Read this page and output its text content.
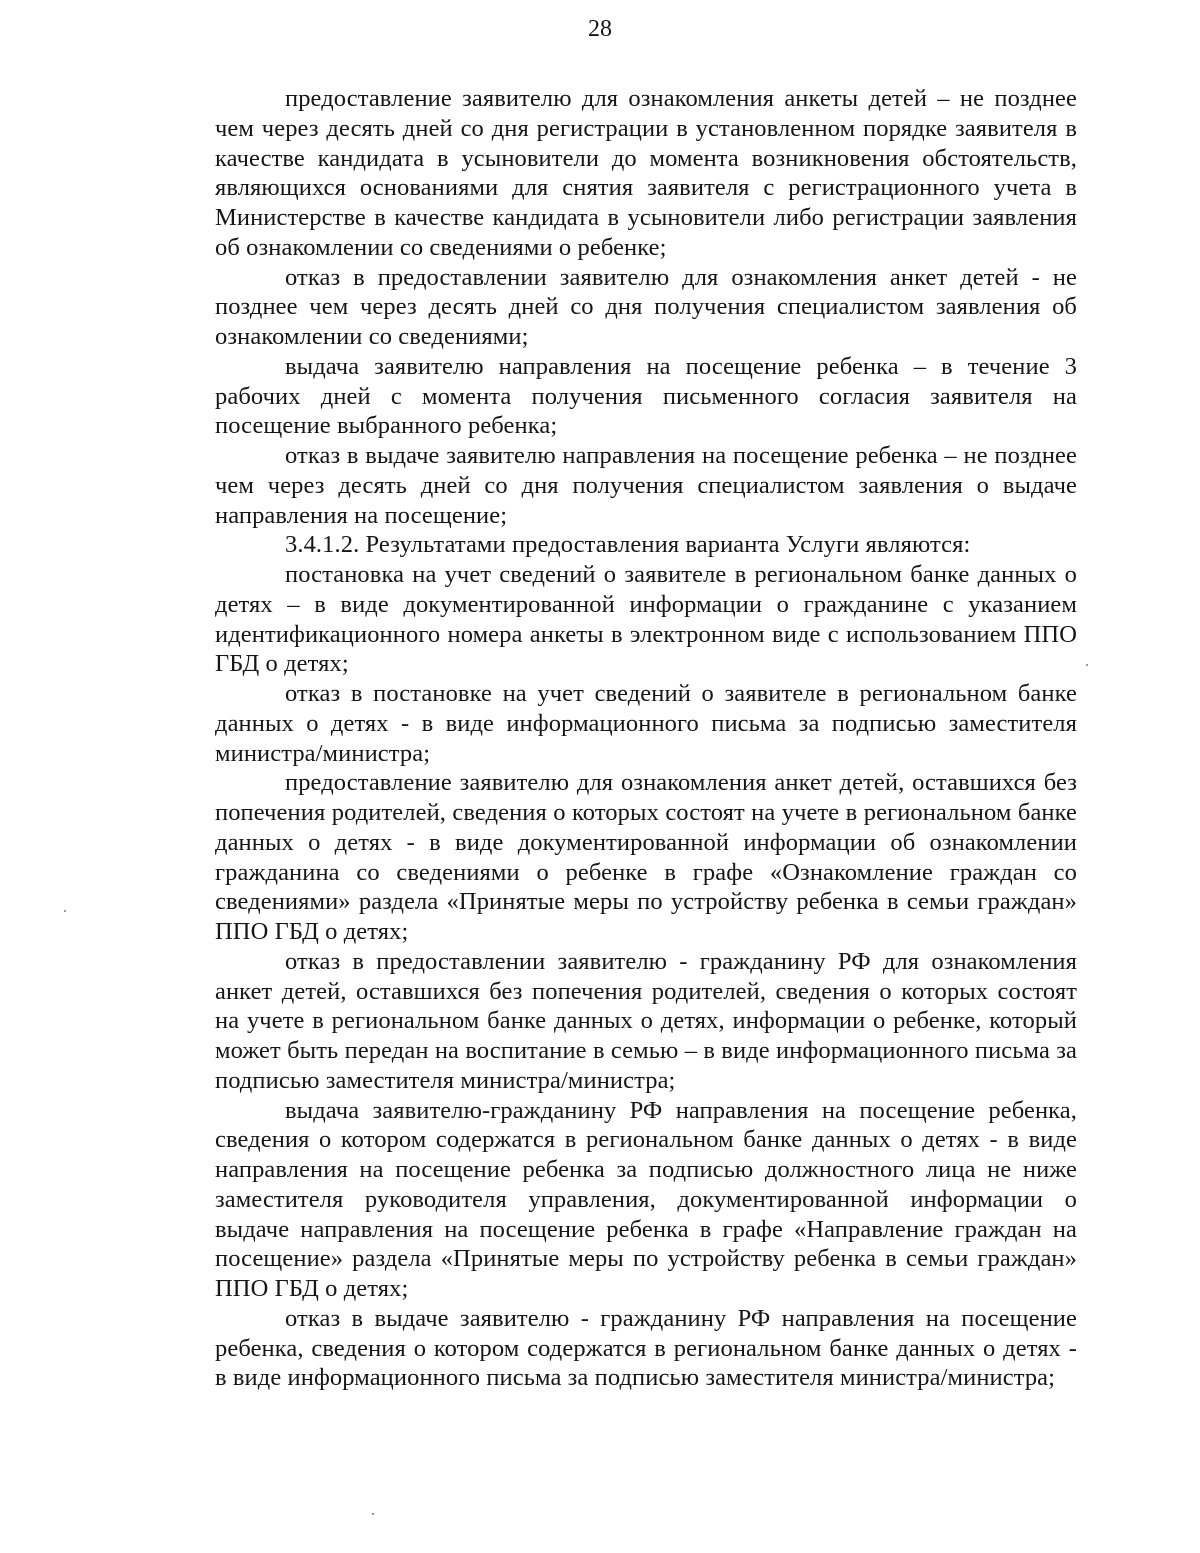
28

предоставление заявителю для ознакомления анкеты детей – не позднее чем через десять дней со дня регистрации в установленном порядке заявителя в качестве кандидата в усыновители до момента возникновения обстоятельств, являющихся основаниями для снятия заявителя с регистрационного учета в Министерстве в качестве кандидата в усыновители либо регистрации заявления об ознакомлении со сведениями о ребенке;

отказ в предоставлении заявителю для ознакомления анкет детей - не позднее чем через десять дней со дня получения специалистом заявления об ознакомлении со сведениями;

выдача заявителю направления на посещение ребенка – в течение 3 рабочих дней с момента получения письменного согласия заявителя на посещение выбранного ребенка;

отказ в выдаче заявителю направления на посещение ребенка – не позднее чем через десять дней со дня получения специалистом заявления о выдаче направления на посещение;

3.4.1.2. Результатами предоставления варианта Услуги являются:

постановка на учет сведений о заявителе в региональном банке данных о детях – в виде документированной информации о гражданине с указанием идентификационного номера анкеты в электронном виде с использованием ППО ГБД о детях;

отказ в постановке на учет сведений о заявителе в региональном банке данных о детях - в виде информационного письма за подписью заместителя министра/министра;

предоставление заявителю для ознакомления анкет детей, оставшихся без попечения родителей, сведения о которых состоят на учете в региональном банке данных о детях - в виде документированной информации об ознакомлении гражданина со сведениями о ребенке в графе «Ознакомление граждан со сведениями» раздела «Принятые меры по устройству ребенка в семьи граждан» ППО ГБД о детях;

отказ в предоставлении заявителю - гражданину РФ для ознакомления анкет детей, оставшихся без попечения родителей, сведения о которых состоят на учете в региональном банке данных о детях, информации о ребенке, который может быть передан на воспитание в семью – в виде информационного письма за подписью заместителя министра/министра;

выдача заявителю-гражданину РФ направления на посещение ребенка, сведения о котором содержатся в региональном банке данных о детях - в виде направления на посещение ребенка за подписью должностного лица не ниже заместителя руководителя управления, документированной информации о выдаче направления на посещение ребенка в графе «Направление граждан на посещение» раздела «Принятые меры по устройству ребенка в семьи граждан» ППО ГБД о детях;

отказ в выдаче заявителю - гражданину РФ направления на посещение ребенка, сведения о котором содержатся в региональном банке данных о детях - в виде информационного письма за подписью заместителя министра/министра;
